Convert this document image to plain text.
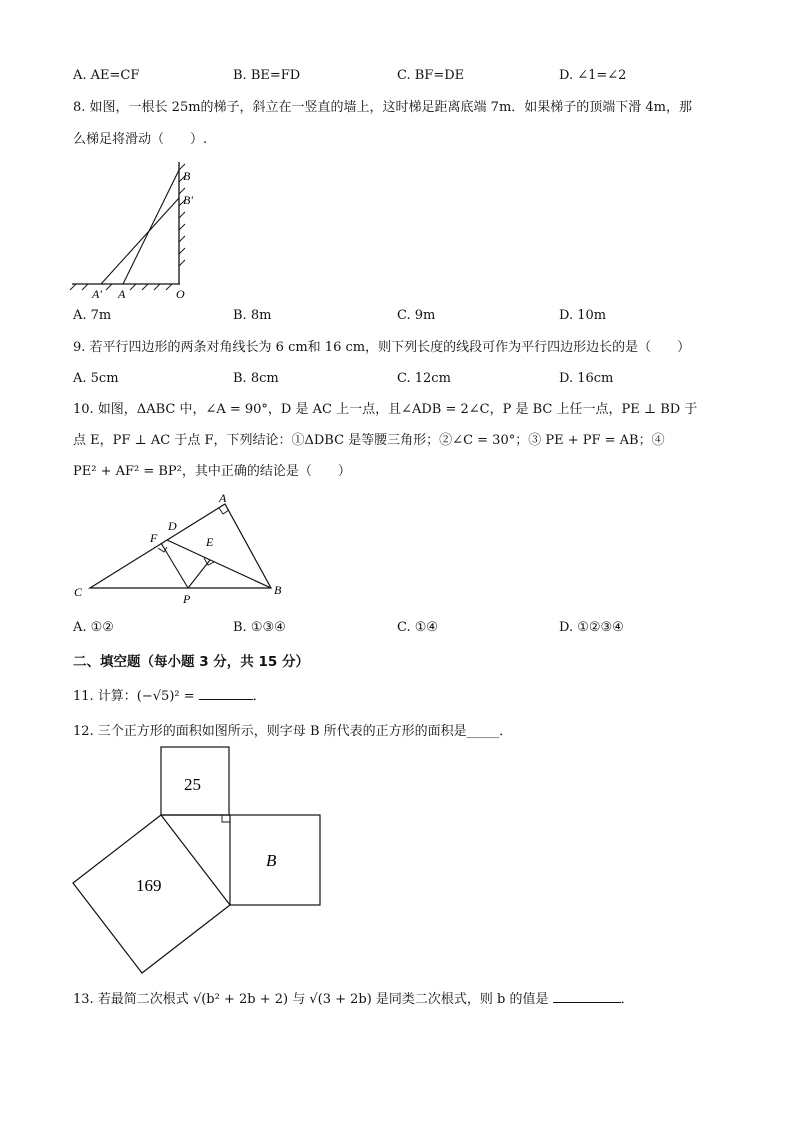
A. AE=CF	B. BE=FD	C. BF=DE	D. ∠1=∠2
8. 如图，一根长 25m的梯子，斜立在一竖直的墙上，这时梯足距离底端 7m．如果梯子的顶端下滑 4m，那
么梯足将滑动（　　）.
B
B′
A′ A	O
A. 7m	B. 8m	C. 9m	D. 10m
9. 若平行四边形的两条对角线长为 6 cm和 16 cm，则下列长度的线段可作为平行四边形边长的是（　　）
A. 5cm	B. 8cm	C. 12cm	D. 16cm
10. 如图，ΔABC 中，∠A = 90°，D 是 AC 上一点，且∠ADB = 2∠C，P 是 BC 上任一点，PE ⊥ BD 于
点 E，PF ⊥ AC 于点 F，下列结论：①ΔDBC 是等腰三角形；②∠C = 30°；③ PE + PF = AB；④
PE² + AF² = BP²，其中正确的结论是（　　）
A
D
F	E
C	P
B
A. ①②	B. ①③④	C. ①④	D. ①②③④
二、填空题（每小题 3 分，共 15 分）
11. 计算：(−√5)² =	．
12. 三个正方形的面积如图所示，则字母 B 所代表的正方形的面积是_____．
25
169
B
13. 若最简二次根式 √(b² + 2b + 2) 与 √(3 + 2b) 是同类二次根式，则 b 的值是	．
